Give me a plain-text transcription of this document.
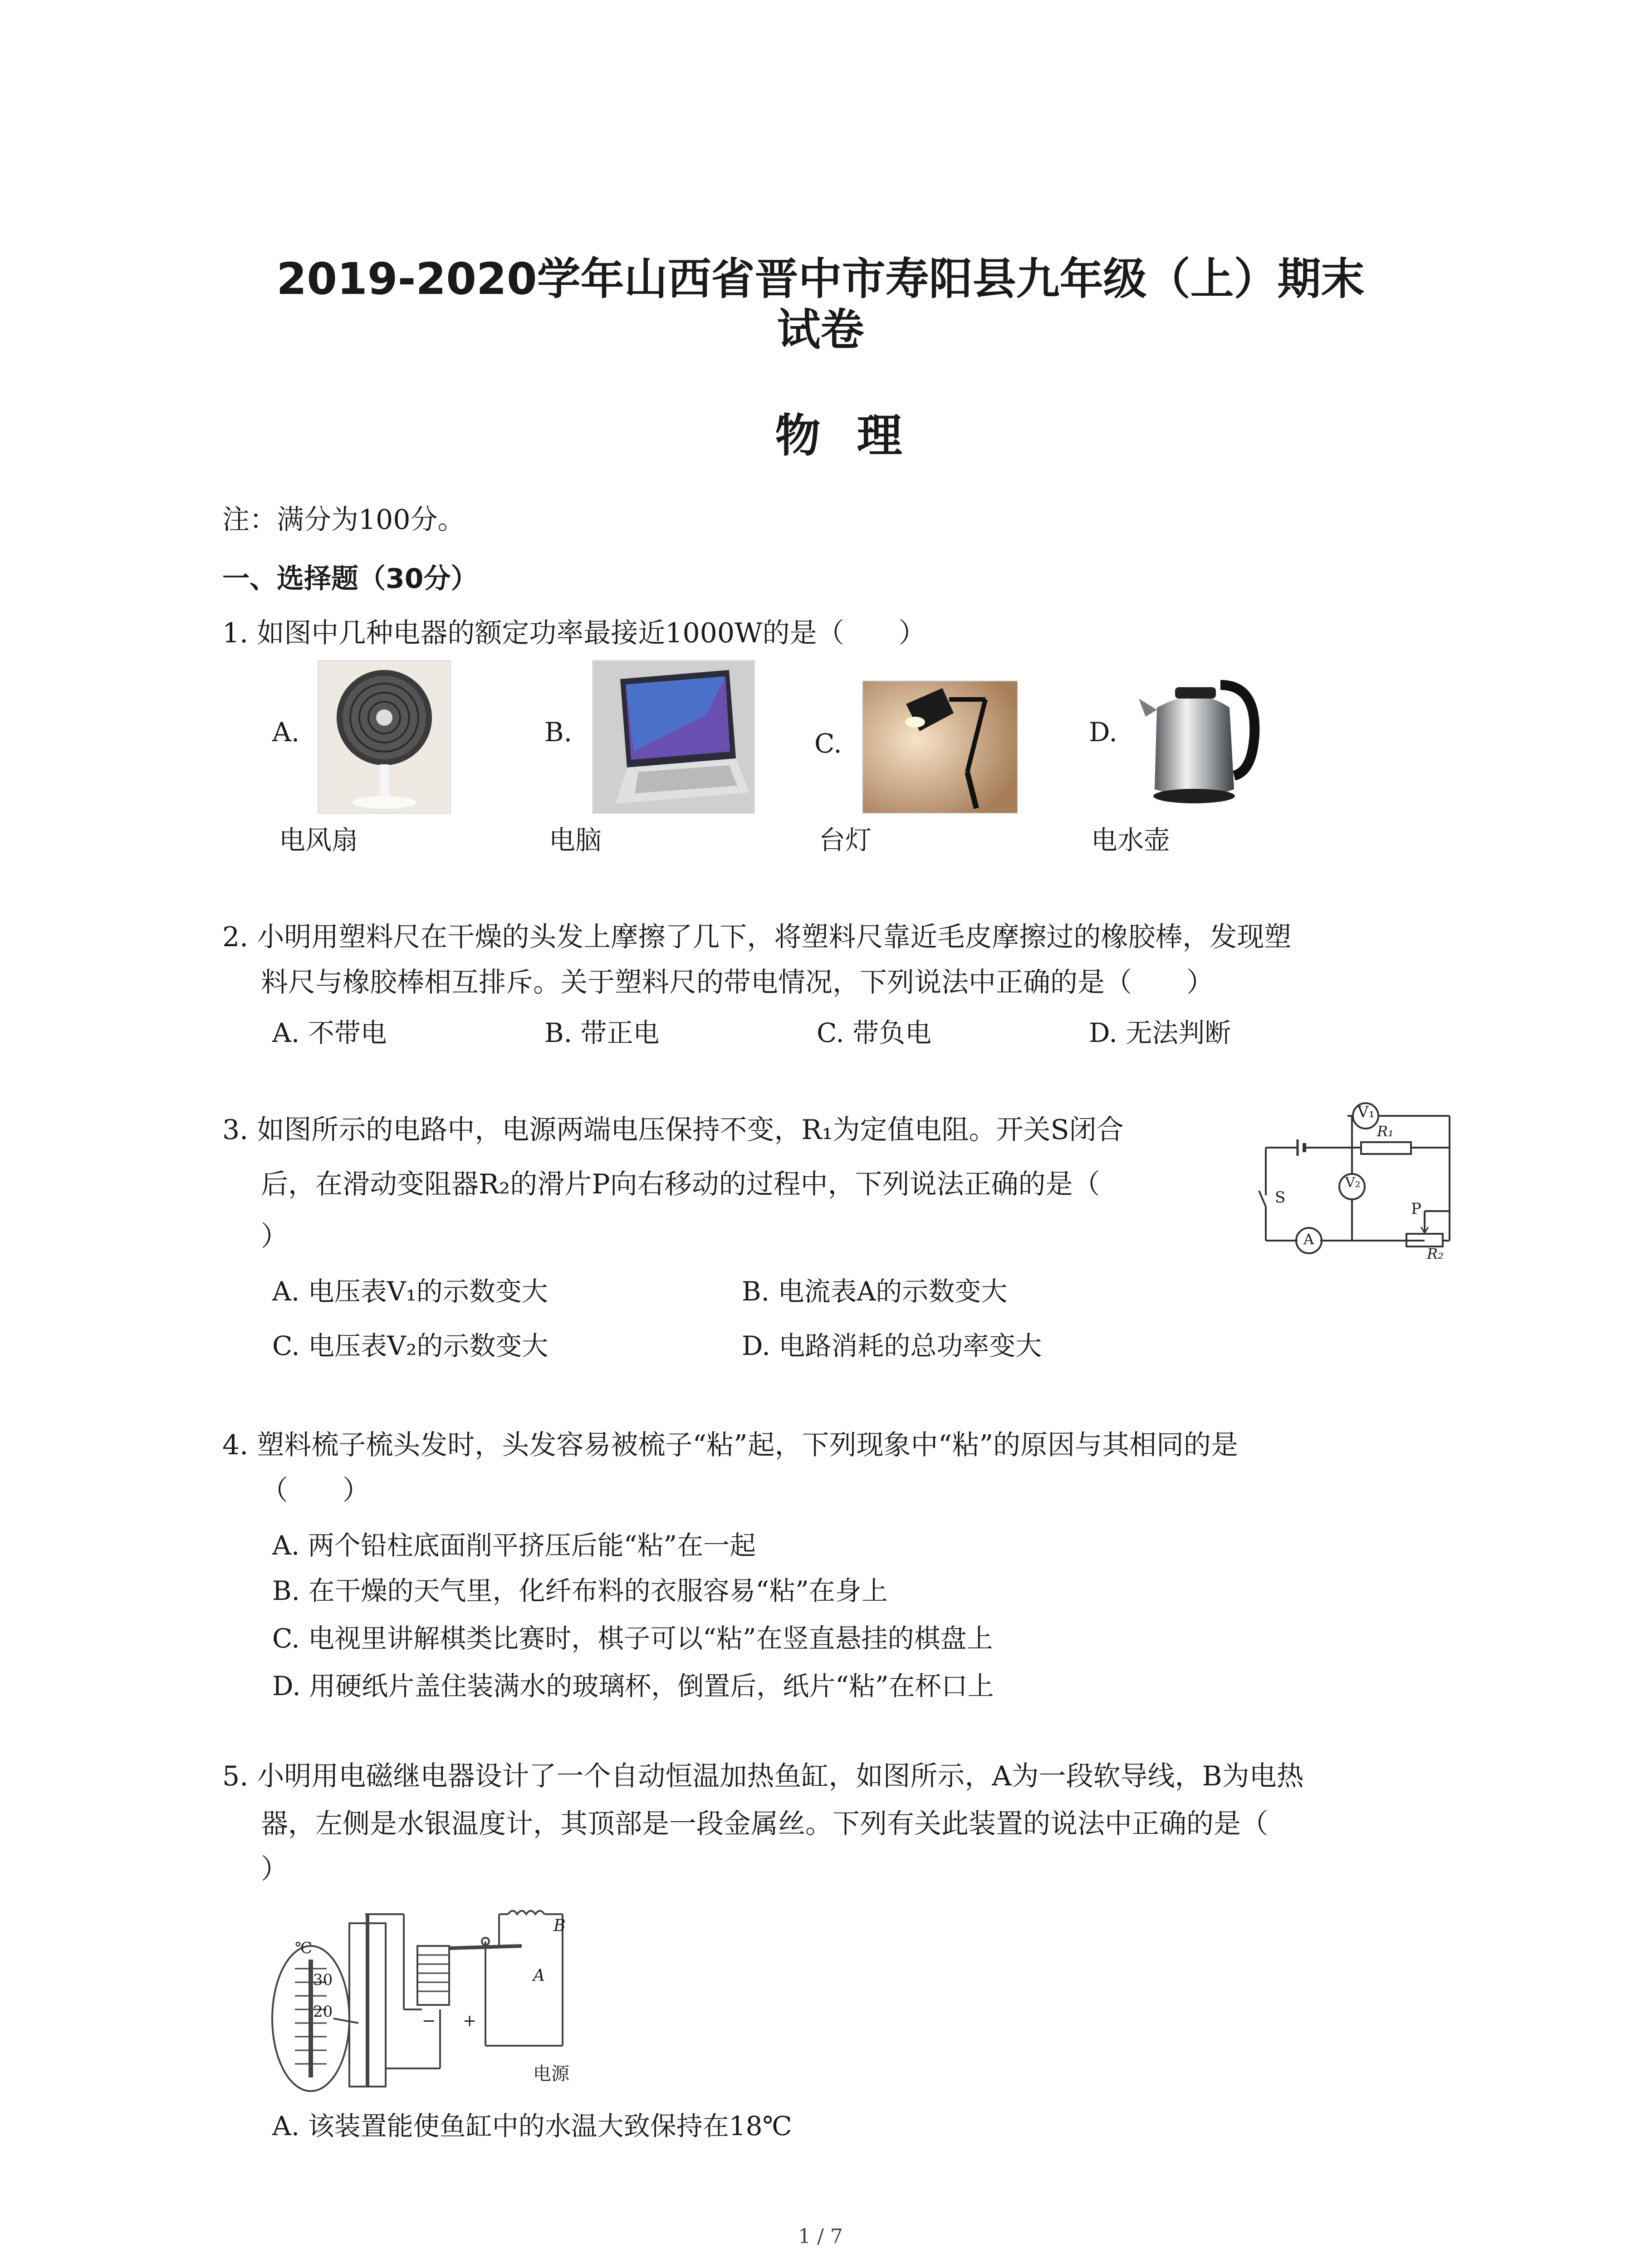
2019-2020学年山西省晋中市寿阳县九年级（上）期末
试卷
物理
注：满分为100分。
一、选择题（30分）
1. 如图中几种电器的额定功率最接近1000W的是（　　）
A.
电风扇
B.
电脑
C.
台灯
D.
电水壶
2. 小明用塑料尺在干燥的头发上摩擦了几下，将塑料尺靠近毛皮摩擦过的橡胶棒，发现塑
料尺与橡胶棒相互排斥。关于塑料尺的带电情况，下列说法中正确的是（　　）
A. 不带电	B. 带正电	C. 带负电	D. 无法判断
3. 如图所示的电路中，电源两端电压保持不变，R₁为定值电阻。开关S闭合
后，在滑动变阻器R₂的滑片P向右移动的过程中，下列说法正确的是（
）
V₁
V₂
A
S
R₁
R₂
P
A. 电压表V₁的示数变大	B. 电流表A的示数变大
C. 电压表V₂的示数变大	D. 电路消耗的总功率变大
4. 塑料梳子梳头发时，头发容易被梳子“粘”起，下列现象中“粘”的原因与其相同的是
（　　）
A. 两个铅柱底面削平挤压后能“粘”在一起
B. 在干燥的天气里，化纤布料的衣服容易“粘”在身上
C. 电视里讲解棋类比赛时，棋子可以“粘”在竖直悬挂的棋盘上
D. 用硬纸片盖住装满水的玻璃杯，倒置后，纸片“粘”在杯口上
5. 小明用电磁继电器设计了一个自动恒温加热鱼缸，如图所示，A为一段软导线，B为电热
器，左侧是水银温度计，其顶部是一段金属丝。下列有关此装置的说法中正确的是（
）
℃
30
20	− +
A
B
电源
A. 该装置能使鱼缸中的水温大致保持在18℃
1 / 7
